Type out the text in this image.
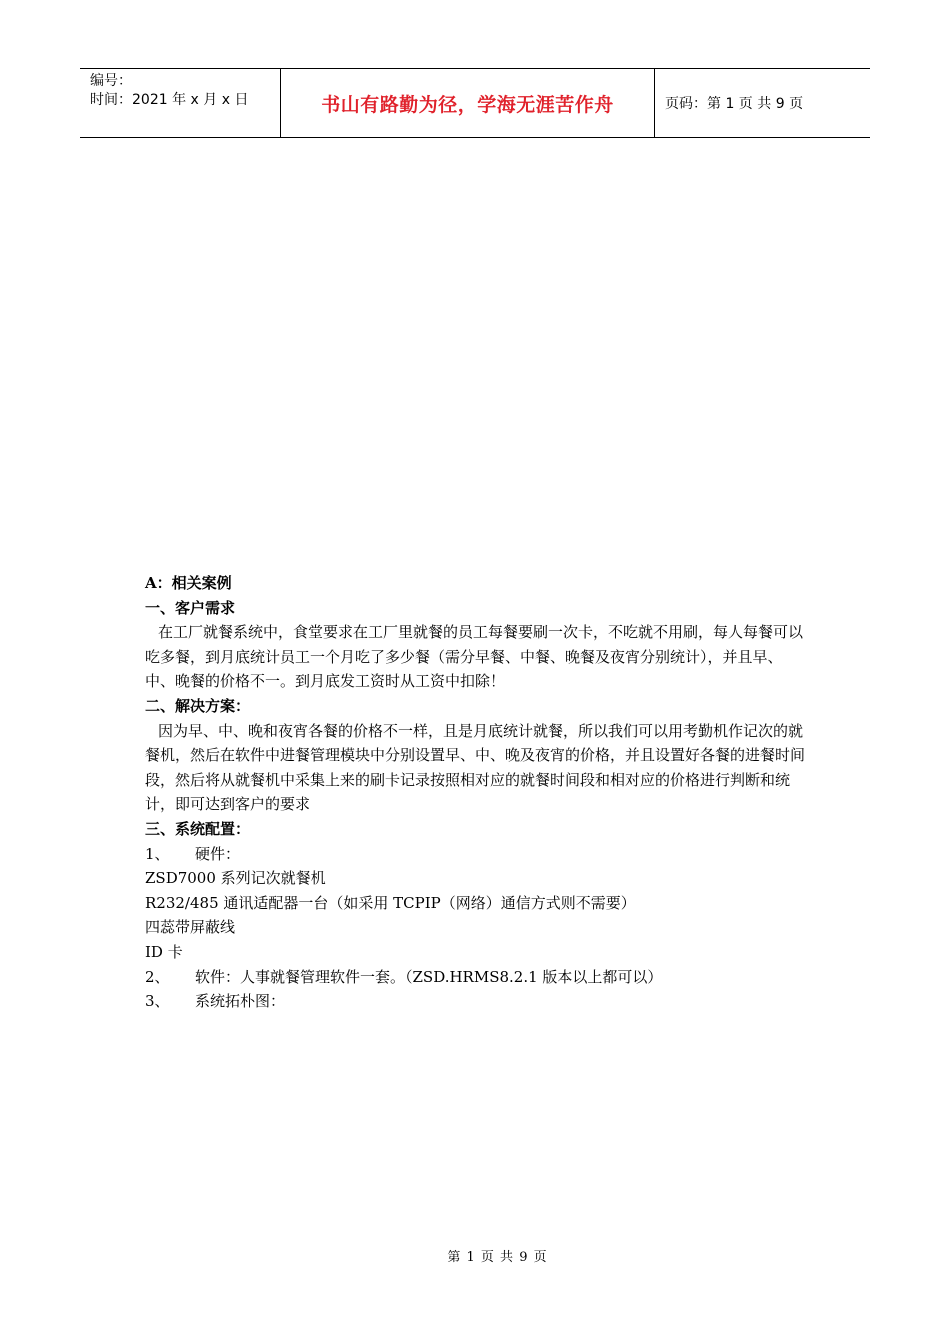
编号：
时间：2021 年 x 月 x 日	书山有路勤为径，学海无涯苦作舟	页码：第 1 页 共 9 页

A：相关案例

一、客户需求

在工厂就餐系统中，食堂要求在工厂里就餐的员工每餐要刷一次卡，不吃就不用刷，每人每餐可以吃多餐，到月底统计员工一个月吃了多少餐（需分早餐、中餐、晚餐及夜宵分别统计），并且早、中、晚餐的价格不一。到月底发工资时从工资中扣除！

二、解决方案：

因为早、中、晚和夜宵各餐的价格不一样，且是月底统计就餐，所以我们可以用考勤机作记次的就餐机，然后在软件中进餐管理模块中分别设置早、中、晚及夜宵的价格，并且设置好各餐的进餐时间段，然后将从就餐机中采集上来的刷卡记录按照相对应的就餐时间段和相对应的价格进行判断和统计，即可达到客户的要求

三、系统配置：

1、	硬件：

ZSD7000 系列记次就餐机

R232/485 通讯适配器一台（如采用 TCPIP（网络）通信方式则不需要）

四蕊带屏蔽线

ID 卡

2、	软件：人事就餐管理软件一套。（ZSD.HRMS8.2.1 版本以上都可以）
3、	系统拓朴图：
第 1 页 共 9 页
